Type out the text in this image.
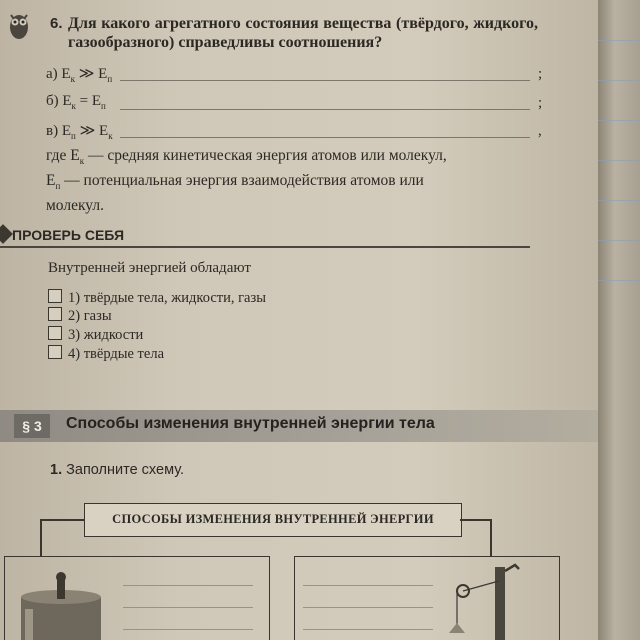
6. Для какого агрегатного состояния вещества (твёрдого, жидкого, газообразного) справедливы соотношения?
а) $E_к$ ≫ $E_п$	;
б) $E_к = E_п$	;
в) $E_п$ ≫ $E_к$	,
где $E_к$ — средняя кинетическая энергия атомов или молекул,
$E_п$ — потенциальная энергия взаимодействия атомов или
молекул.
ПРОВЕРЬ СЕБЯ
Внутренней энергией обладают
1) твёрдые тела, жидкости, газы
2) газы
3) жидкости
4) твёрдые тела
§ 3	Способы изменения внутренней энергии тела
1. Заполните схему.
СПОСОБЫ ИЗМЕНЕНИЯ ВНУТРЕННЕЙ ЭНЕРГИИ
